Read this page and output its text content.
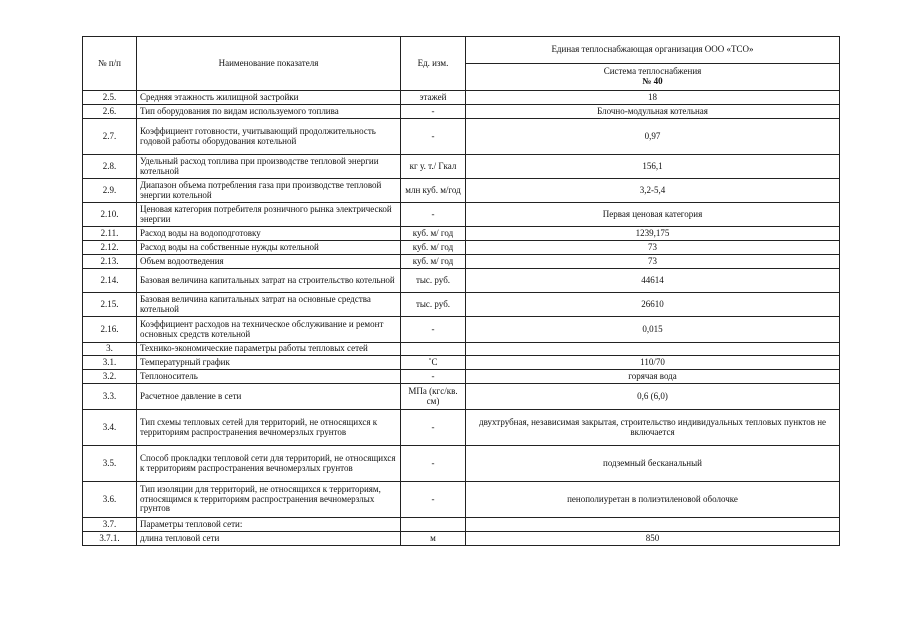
№ п/п	Наименование показателя	Ед. изм.	Единая теплоснабжающая организация ООО «ТСО»

			Система теплоснабжения
№ 40

2.5.	Средняя этажность жилищной застройки	этажей	18
2.6.	Тип оборудования по видам используемого топлива	-	Блочно-модульная котельная
2.7.	Коэффициент готовности, учитывающий продолжительность годовой работы оборудования котельной	-	0,97
2.8.	Удельный расход топлива при производстве тепловой энергии котельной	кг у. т./ Гкал	156,1
2.9.	Диапазон объема потребления газа при производстве тепловой энергии котельной	млн куб. м/год	3,2-5,4
2.10.	Ценовая категория потребителя розничного рынка электрической энергии	-	Первая ценовая категория
2.11.	Расход воды на водоподготовку	куб. м/ год	1239,175
2.12.	Расход воды на собственные нужды котельной	куб. м/ год	73
2.13.	Объем водоотведения	куб. м/ год	73
2.14.	Базовая величина капитальных затрат на строительство котельной	тыс. руб.	44614
2.15.	Базовая величина капитальных затрат на основные средства котельной	тыс. руб.	26610
2.16.	Коэффициент расходов на техническое обслуживание и ремонт основных средств котельной	-	0,015
3.	Технико-экономические параметры работы тепловых сетей		
3.1.	Температурный график	˚С	110/70
3.2.	Теплоноситель	-	горячая вода
3.3.	Расчетное давление в сети	МПа (кгс/кв. см)	0,6 (6,0)
3.4.	Тип схемы тепловых сетей для территорий, не относящихся к территориям распространения вечномерзлых грунтов	-	двухтрубная, независимая закрытая, строительство индивидуальных тепловых пунктов не включается
3.5.	Способ прокладки тепловой сети для территорий, не относящихся к территориям распространения вечномерзлых грунтов	-	подземный бесканальный
3.6.	Тип изоляции для территорий, не относящихся к территориям, относящимся к территориям распространения вечномерзлых грунтов	-	пенополиуретан в полиэтиленовой оболочке
3.7.	Параметры тепловой сети:		
3.7.1.	длина тепловой сети	м	850
